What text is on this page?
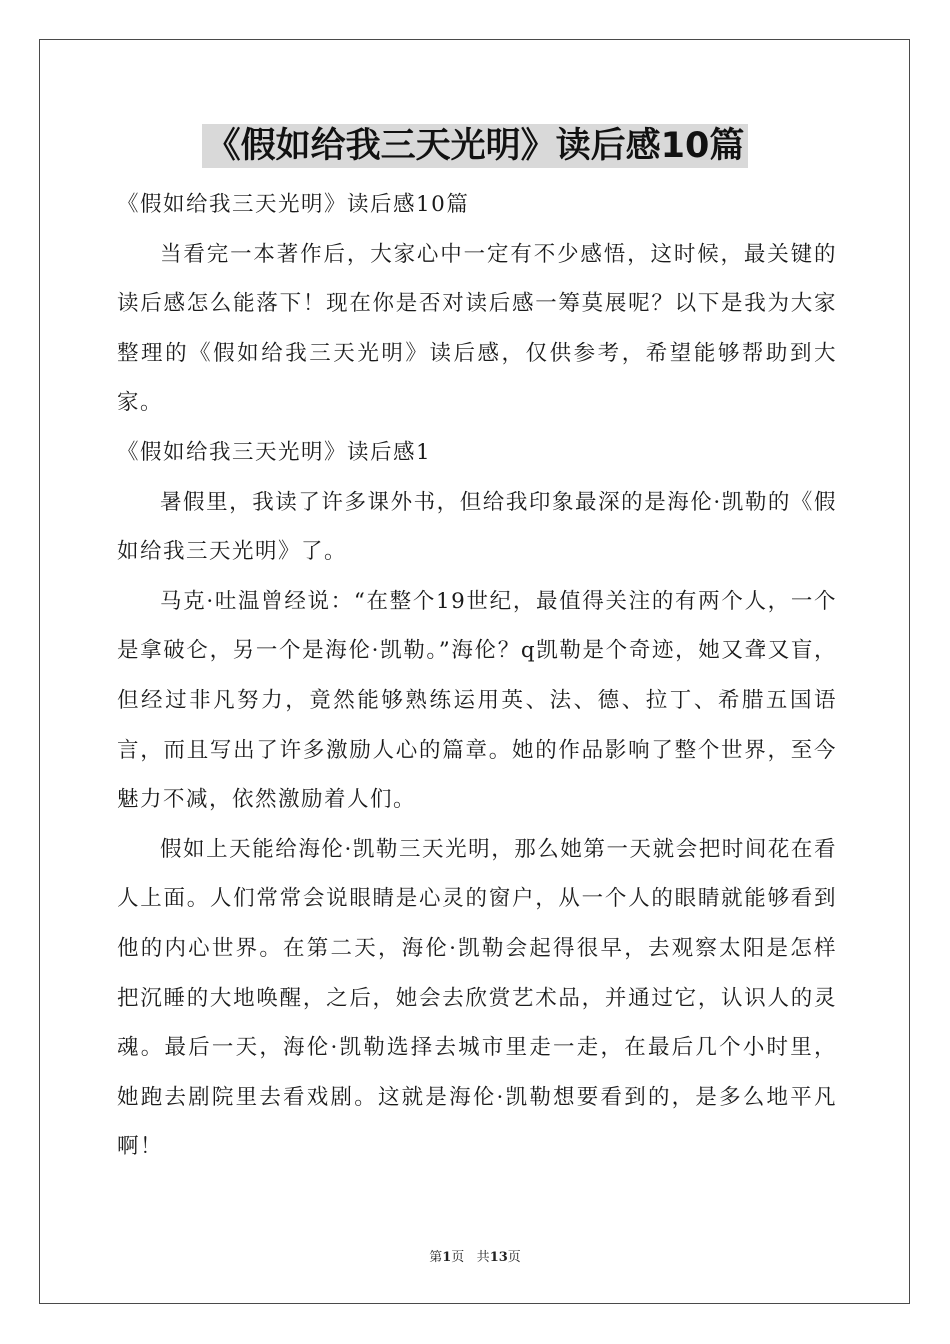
《假如给我三天光明》读后感10篇

《假如给我三天光明》读后感10篇

当看完一本著作后，大家心中一定有不少感悟，这时候，最关键的读后感怎么能落下！现在你是否对读后感一筹莫展呢？以下是我为大家整理的《假如给我三天光明》读后感，仅供参考，希望能够帮助到大家。

《假如给我三天光明》读后感1

暑假里，我读了许多课外书，但给我印象最深的是海伦·凯勒的《假如给我三天光明》了。

马克·吐温曾经说：“在整个19世纪，最值得关注的有两个人，一个是拿破仑，另一个是海伦·凯勒。”海伦？q凯勒是个奇迹，她又聋又盲，但经过非凡努力，竟然能够熟练运用英、法、德、拉丁、希腊五国语言，而且写出了许多激励人心的篇章。她的作品影响了整个世界，至今魅力不减，依然激励着人们。

假如上天能给海伦·凯勒三天光明，那么她第一天就会把时间花在看人上面。人们常常会说眼睛是心灵的窗户，从一个人的眼睛就能够看到他的内心世界。在第二天，海伦·凯勒会起得很早，去观察太阳是怎样把沉睡的大地唤醒，之后，她会去欣赏艺术品，并通过它，认识人的灵魂。最后一天，海伦·凯勒选择去城市里走一走，在最后几个小时里，她跑去剧院里去看戏剧。这就是海伦·凯勒想要看到的，是多么地平凡啊！

第1页 共13页
